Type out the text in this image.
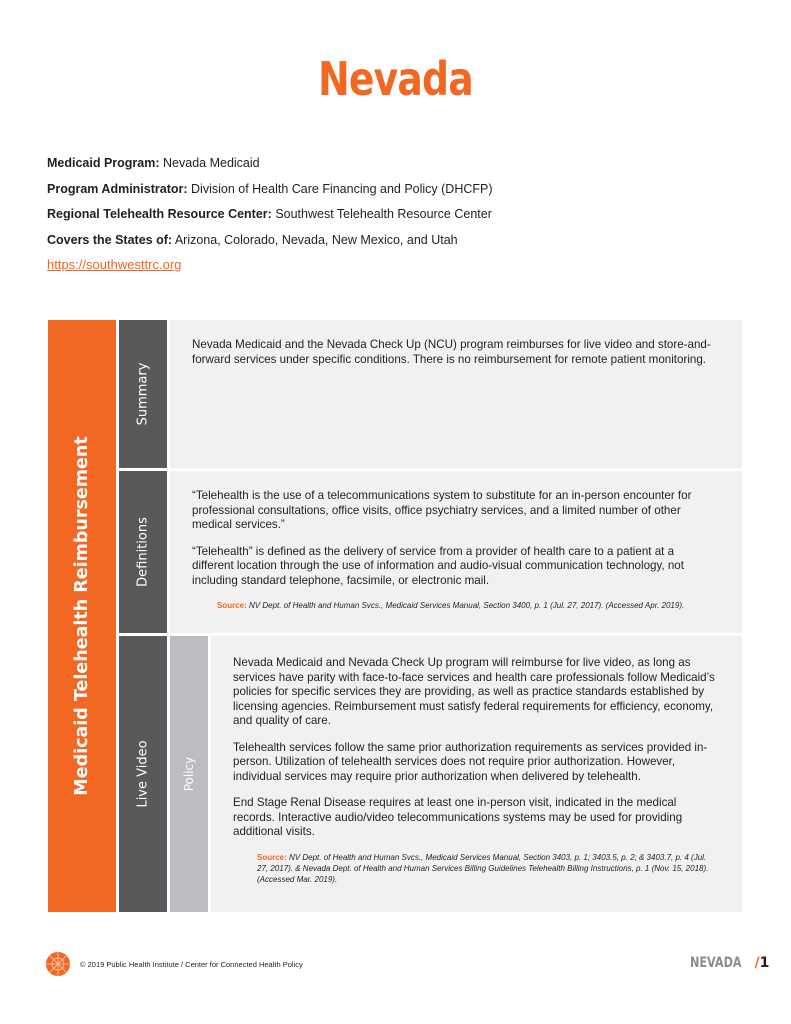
Nevada
Medicaid Program: Nevada Medicaid
Program Administrator: Division of Health Care Financing and Policy (DHCFP)
Regional Telehealth Resource Center: Southwest Telehealth Resource Center
Covers the States of: Arizona, Colorado, Nevada, New Mexico, and Utah
https://southwesttrc.org
Medicaid Telehealth Reimbursement
Summary

Nevada Medicaid and the Nevada Check Up (NCU) program reimburses for live video and store-and-forward services under specific conditions. There is no reimbursement for remote patient monitoring.

Definitions

“Telehealth is the use of a telecommunications system to substitute for an in-person encounter for professional consultations, office visits, office psychiatry services, and a limited number of other medical services.”

“Telehealth” is defined as the delivery of service from a provider of health care to a patient at a different location through the use of information and audio-visual communication technology, not including standard telephone, facsimile, or electronic mail.

Source: NV Dept. of Health and Human Svcs., Medicaid Services Manual, Section 3400, p. 1 (Jul. 27, 2017). (Accessed Apr. 2019).
Live Video	Policy

Nevada Medicaid and Nevada Check Up program will reimburse for live video, as long as services have parity with face-to-face services and health care professionals follow Medicaid’s policies for specific services they are providing, as well as practice standards established by licensing agencies. Reimbursement must satisfy federal requirements for efficiency, economy, and quality of care.

Telehealth services follow the same prior authorization requirements as services provided in-person. Utilization of telehealth services does not require prior authorization. However, individual services may require prior authorization when delivered by telehealth.

End Stage Renal Disease requires at least one in-person visit, indicated in the medical records. Interactive audio/video telecommunications systems may be used for providing additional visits.

Source: NV Dept. of Health and Human Svcs., Medicaid Services Manual, Section 3403, p. 1; 3403.5, p. 2; & 3403.7, p. 4 (Jul. 27, 2017). & Nevada Dept. of Health and Human Services Billing Guidelines Telehealth Billing Instructions, p. 1 (Nov. 15, 2018). (Accessed Mar. 2019).
© 2019 Public Health Institute / Center for Connected Health Policy	NEVADA /1
